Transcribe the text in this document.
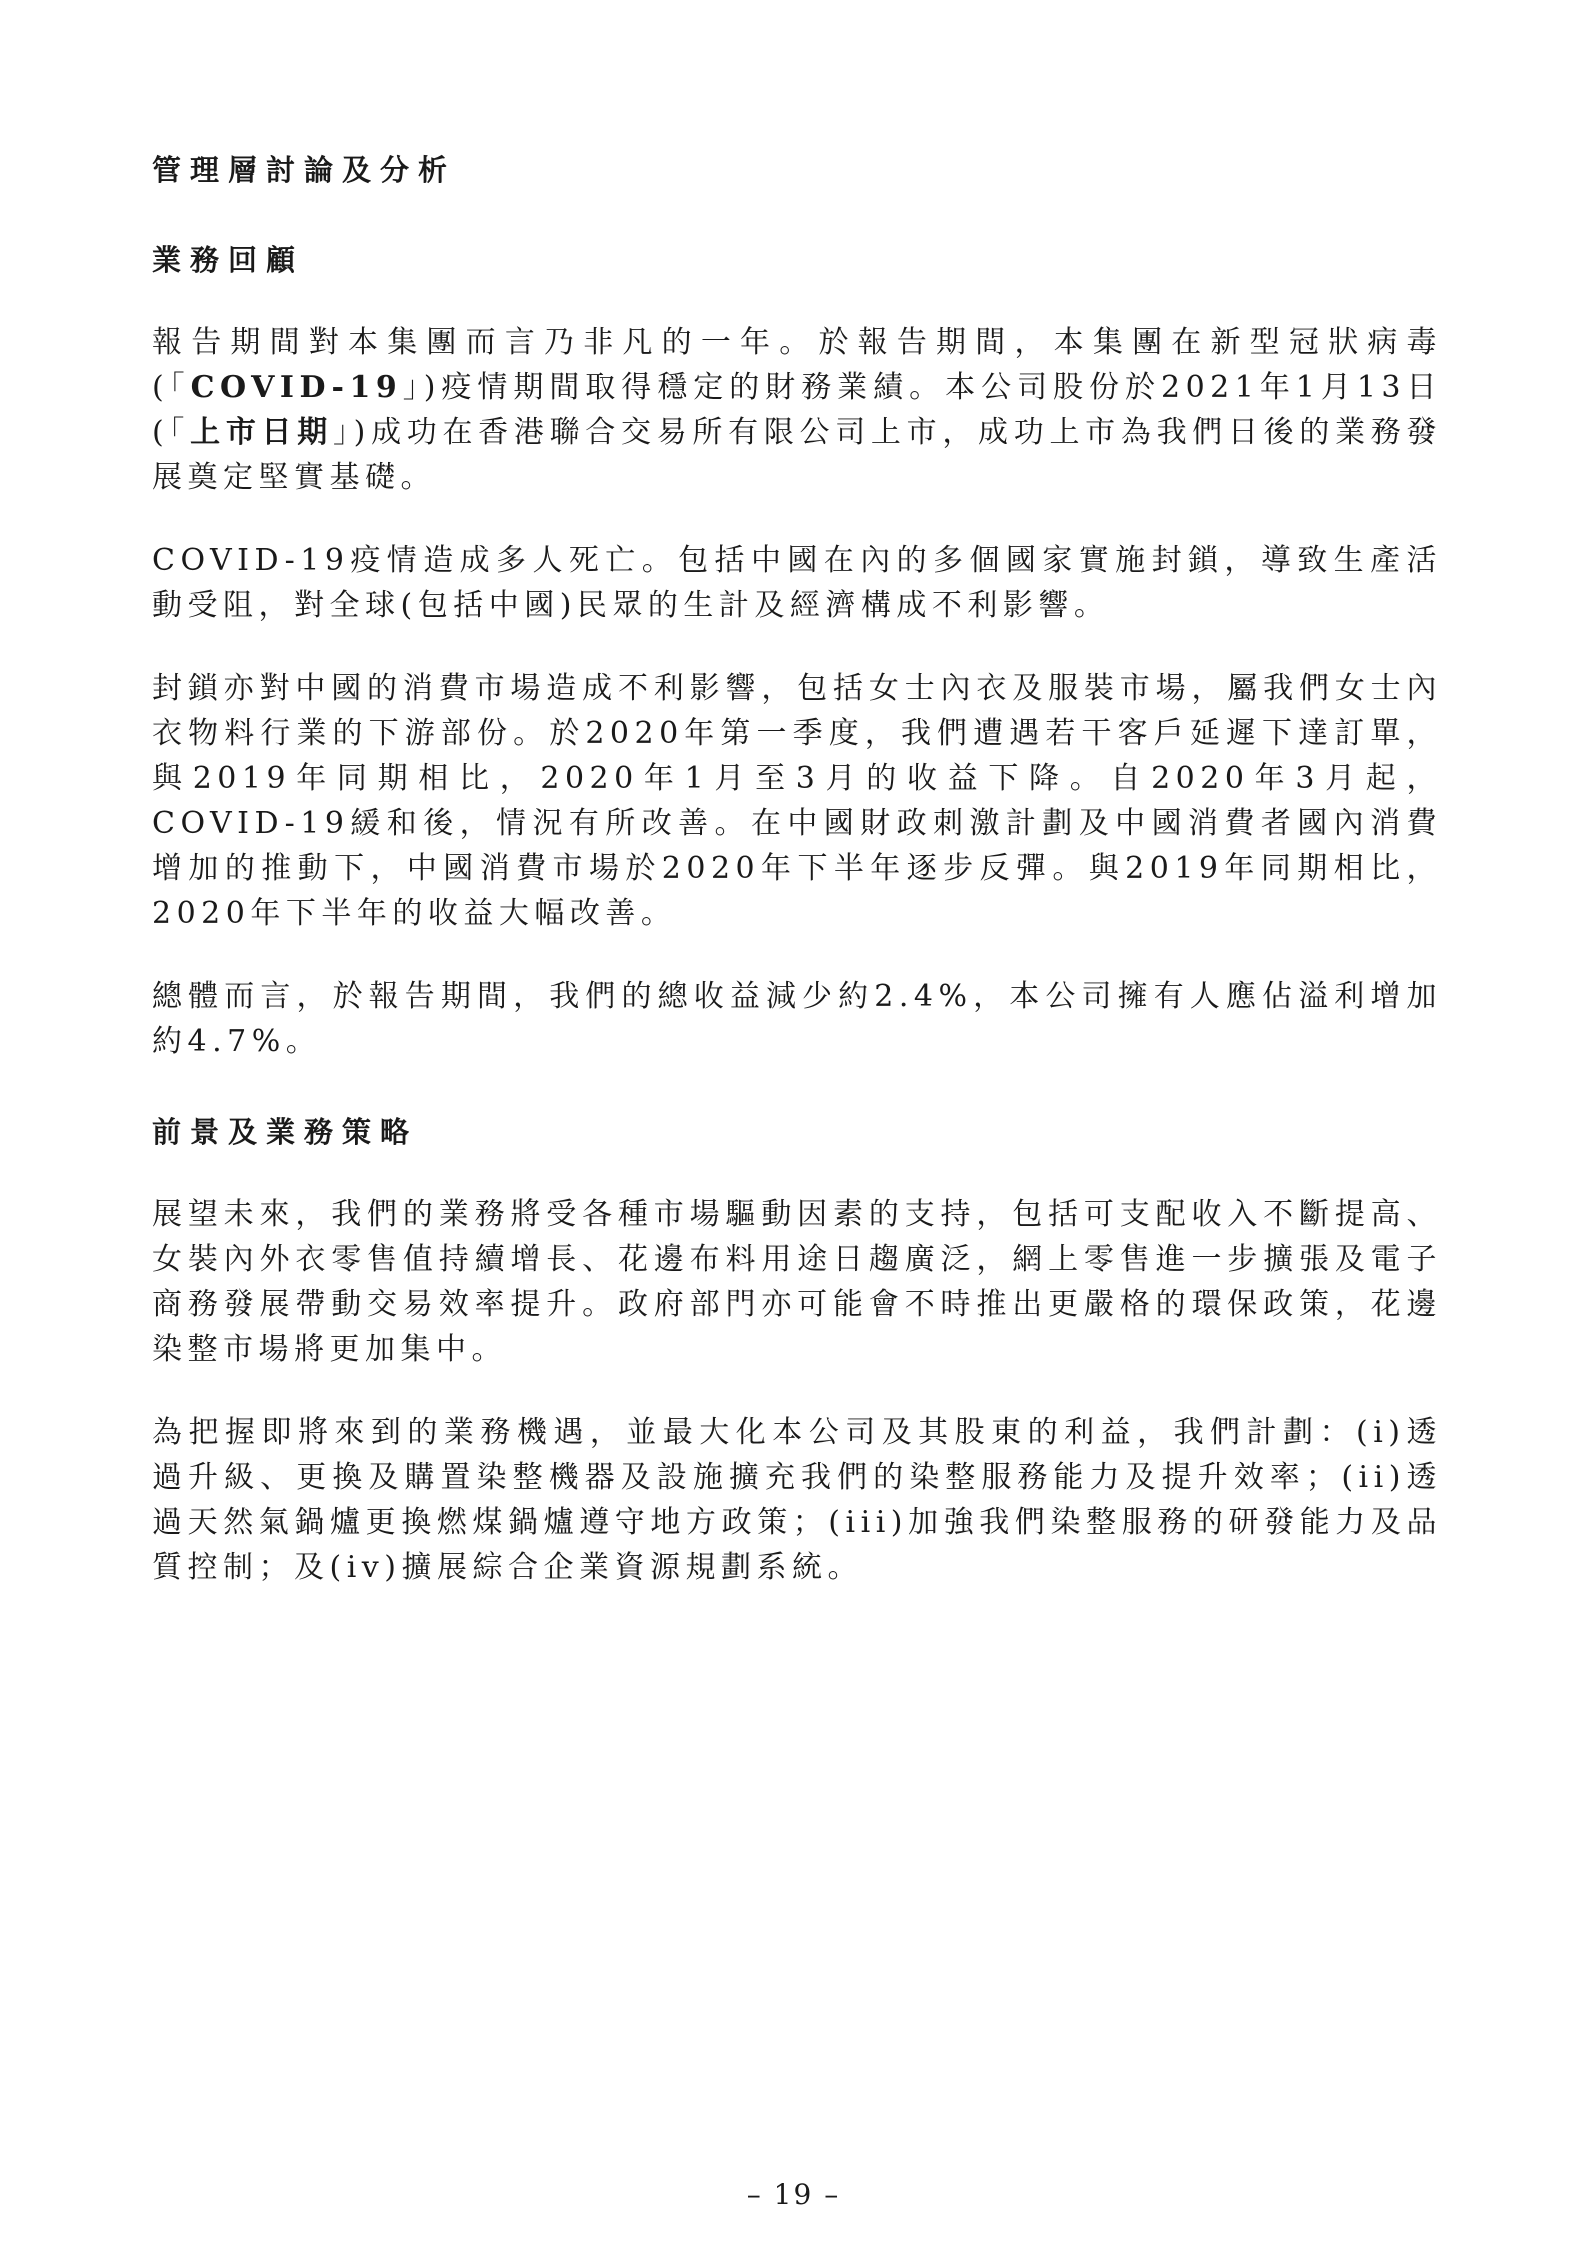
管理層討論及分析
業務回顧

報告期間對本集團而言乃非凡的一年。於報告期間，本集團在新型冠狀病毒(「COVID-19」)疫情期間取得穩定的財務業績。本公司股份於2021年1月13日(「上市日期」)成功在香港聯合交易所有限公司上市，成功上市為我們日後的業務發展奠定堅實基礎。

COVID-19疫情造成多人死亡。包括中國在內的多個國家實施封鎖，導致生產活動受阻，對全球(包括中國)民眾的生計及經濟構成不利影響。

封鎖亦對中國的消費市場造成不利影響，包括女士內衣及服裝市場，屬我們女士內衣物料行業的下游部份。於2020年第一季度，我們遭遇若干客戶延遲下達訂單，與2019年同期相比，2020年1月至3月的收益下降。自2020年3月起，COVID-19緩和後，情況有所改善。在中國財政刺激計劃及中國消費者國內消費增加的推動下，中國消費市場於2020年下半年逐步反彈。與2019年同期相比，2020年下半年的收益大幅改善。

總體而言，於報告期間，我們的總收益減少約2.4%，本公司擁有人應佔溢利增加約4.7%。

前景及業務策略

展望未來，我們的業務將受各種市場驅動因素的支持，包括可支配收入不斷提高、女裝內外衣零售值持續增長、花邊布料用途日趨廣泛，網上零售進一步擴張及電子商務發展帶動交易效率提升。政府部門亦可能會不時推出更嚴格的環保政策，花邊染整市場將更加集中。

為把握即將來到的業務機遇，並最大化本公司及其股東的利益，我們計劃：(i)透過升級、更換及購置染整機器及設施擴充我們的染整服務能力及提升效率；(ii)透過天然氣鍋爐更換燃煤鍋爐遵守地方政策；(iii)加強我們染整服務的研發能力及品質控制；及(iv)擴展綜合企業資源規劃系統。

– 19 –
